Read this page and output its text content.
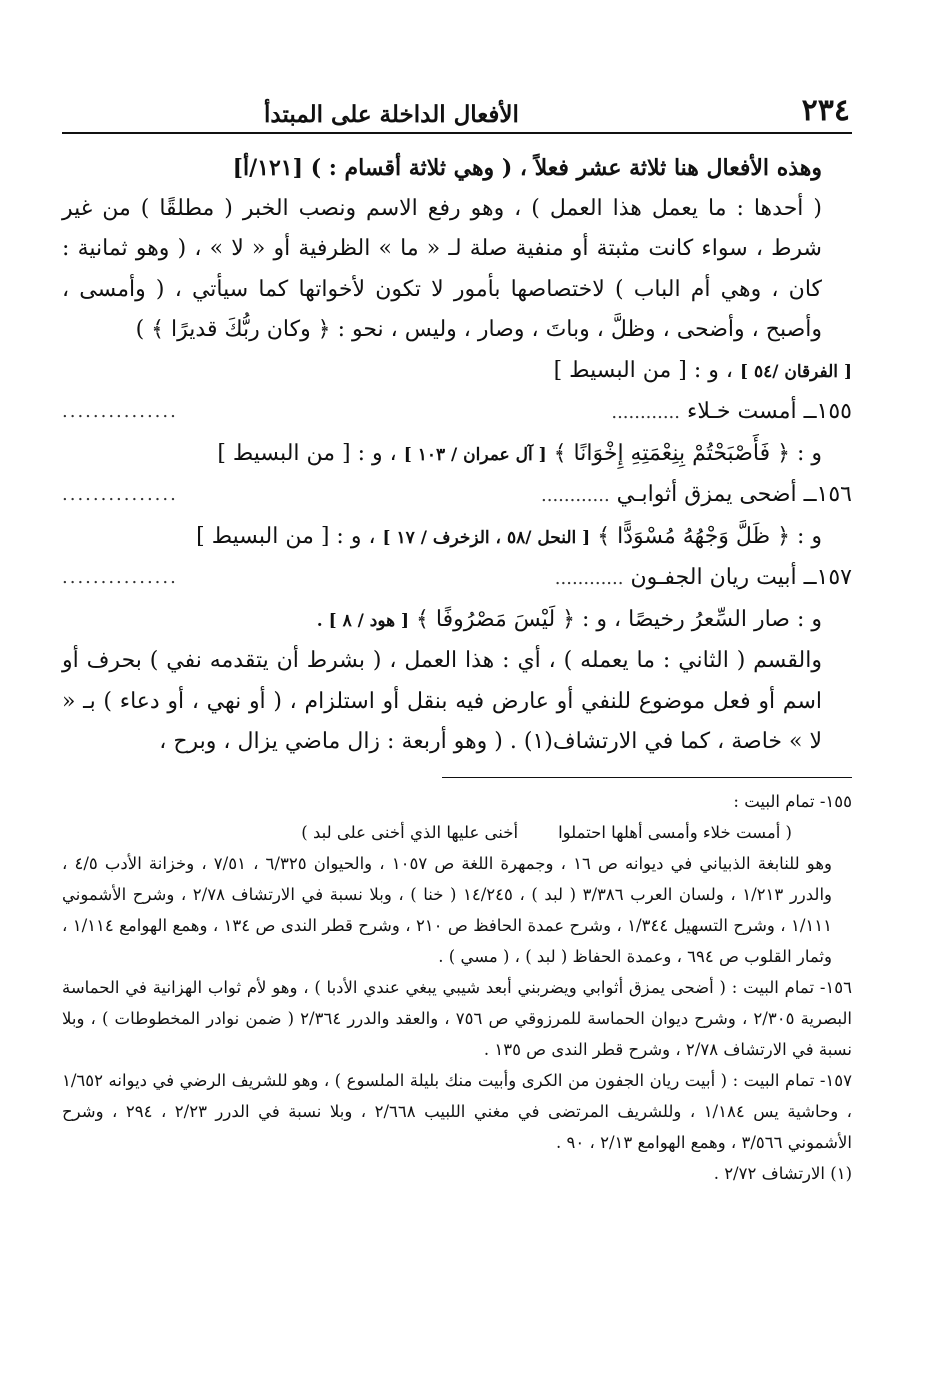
٢٣٤
الأفعال الداخلة على المبتدأ

وهذه الأفعال هنا ثلاثة عشر فعلاً ، ( وهي ثلاثة أقسام : ) [١٢١/أ]

( أحدها : ما يعمل هذا العمل ) ، وهو رفع الاسم ونصب الخبر ( مطلقًا ) من غير شرط ، سواء كانت مثبتة أو منفية صلة لـ « ما » الظرفية أو « لا » ، ( وهو ثمانية : كان ، وهي أم الباب ) لاختصاصها بأمور لا تكون لأخواتها كما سيأتي ، ( وأمسى ، وأصبح ، وأضحى ، وظلَّ ، وباتَ ، وصار ، وليس ، نحو : ﴿ وكان ربُّكَ قديرًا ﴾ )

[ الفرقان /٥٤ ] ، و : [ من البسيط ]

١٥٥ــ أمست خـلاء ............
...............

و : ﴿ فَأَصْبَحْتُمْ بِنِعْمَتِهِ إِخْوَانًا ﴾ [ آل عمران / ١٠٣ ] ، و : [ من البسيط ]

١٥٦ــ أضحى يمزق أثوابـي ............
...............

و : ﴿ ظَلَّ وَجْهُهُ مُسْوَدًّا ﴾ [ النحل /٥٨ ، الزخرف / ١٧ ] ، و : [ من البسيط ]

١٥٧ــ أبيت ريان الجفـون ............
...............

و : صار السِّعرُ رخيصًا ، و : ﴿ لَيْسَ مَصْرُوفًا ﴾ [ هود / ٨ ] .

والقسم ( الثاني : ما يعمله ) ، أي : هذا العمل ، ( بشرط أن يتقدمه نفي ) بحرف أو اسم أو فعل موضوع للنفي أو عارض فيه بنقل أو استلزام ، ( أو نهي ، أو دعاء ) بـ « لا » خاصة ، كما في الارتشاف(١) . ( وهو أربعة : زال ماضي يزال ، وبرح ،

١٥٥- تمام البيت :

( أمست خلاء وأمسى أهلها احتملواأخنى عليها الذي أخنى على لبد )

وهو للنابغة الذبياني في ديوانه ص ١٦ ، وجمهرة اللغة ص ١٠٥٧ ، والحيوان ٦/٣٢٥ ، ٧/٥١ ، وخزانة الأدب ٤/٥ ، والدرر ١/٢١٣ ، ولسان العرب ٣/٣٨٦ ( لبد ) ، ١٤/٢٤٥ ( خنا ) ، وبلا نسبة في الارتشاف ٢/٧٨ ، وشرح الأشموني ١/١١١ ، وشرح التسهيل ١/٣٤٤ ، وشرح عمدة الحافظ ص ٢١٠ ، وشرح قطر الندى ص ١٣٤ ، وهمع الهوامع ١/١١٤ ، وثمار القلوب ص ٦٩٤ ، وعمدة الحفاظ ( لبد ) ، ( مسي ) .

١٥٦- تمام البيت : ( أضحى يمزق أثوابي ويضربني أبعد شيبي يبغي عندي الأدبا ) ، وهو لأم ثواب الهزانية في الحماسة البصرية ٢/٣٠٥ ، وشرح ديوان الحماسة للمرزوقي ص ٧٥٦ ، والعقد والدرر ٢/٣٦٤ ( ضمن نوادر المخطوطات ) ، وبلا نسبة في الارتشاف ٢/٧٨ ، وشرح قطر الندى ص ١٣٥ .

١٥٧- تمام البيت : ( أبيت ريان الجفون من الكرى وأبيت منك بليلة الملسوع ) ، وهو للشريف الرضي في ديوانه ١/٦٥٢ ، وحاشية يس ١/١٨٤ ، وللشريف المرتضى في مغني اللبيب ٢/٦٦٨ ، وبلا نسبة في الدرر ٢/٢٣ ، ٢٩٤ ، وشرح الأشموني ٣/٥٦٦ ، وهمع الهوامع ٢/١٣ ، ٩٠ .

(١) الارتشاف ٢/٧٢ .
